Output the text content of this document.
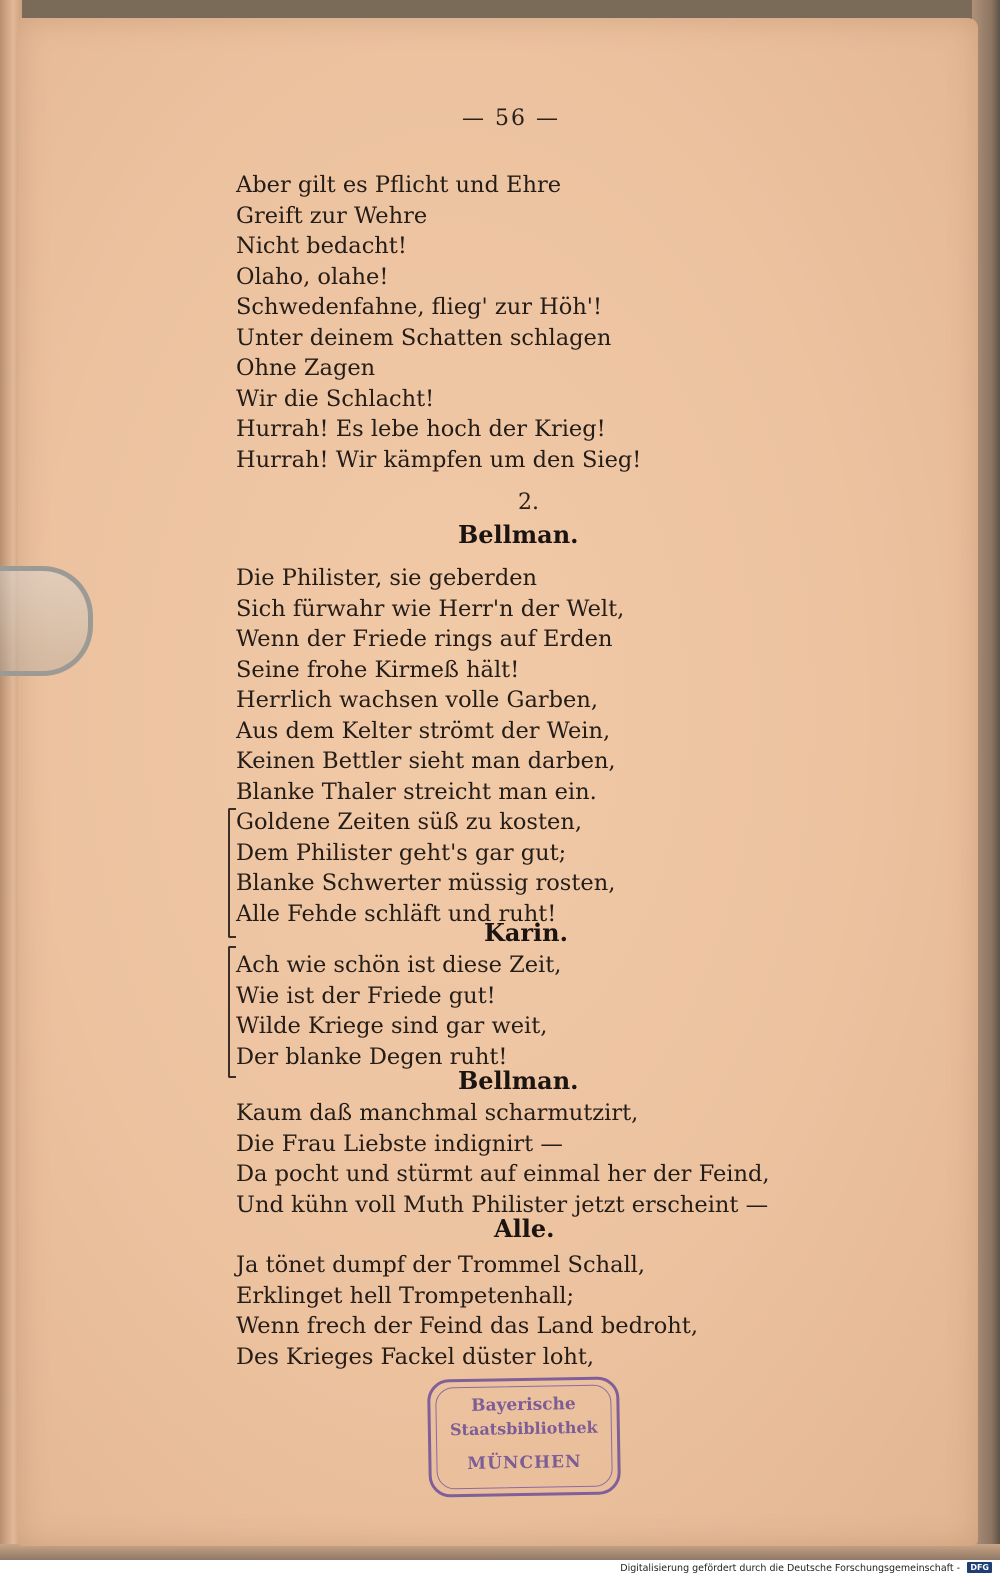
— 56 —
Aber gilt es Pflicht und Ehre
Greift zur Wehre
Nicht bedacht!
Olaho, olahe!
Schwedenfahne, flieg' zur Höh'!
Unter deinem Schatten schlagen
Ohne Zagen
Wir die Schlacht!
Hurrah! Es lebe hoch der Krieg!
Hurrah! Wir kämpfen um den Sieg!
2.
Bellman.
Die Philister, sie geberden
Sich fürwahr wie Herr'n der Welt,
Wenn der Friede rings auf Erden
Seine frohe Kirmeß hält!
Herrlich wachsen volle Garben,
Aus dem Kelter strömt der Wein,
Keinen Bettler sieht man darben,
Blanke Thaler streicht man ein.
Goldene Zeiten süß zu kosten,
Dem Philister geht's gar gut;
Blanke Schwerter müssig rosten,
Alle Fehde schläft und ruht!
Karin.
Ach wie schön ist diese Zeit,
Wie ist der Friede gut!
Wilde Kriege sind gar weit,
Der blanke Degen ruht!
Bellman.
Kaum daß manchmal scharmutzirt,
Die Frau Liebste indignirt —
Da pocht und stürmt auf einmal her der Feind,
Und kühn voll Muth Philister jetzt erscheint —
Alle.
Ja tönet dumpf der Trommel Schall,
Erklinget hell Trompetenhall;
Wenn frech der Feind das Land bedroht,
Des Krieges Fackel düster loht,
Bayerische
Staatsbibliothek
MÜNCHEN
Digitalisierung gefördert durch die Deutsche Forschungsgemeinschaft -	DFG
